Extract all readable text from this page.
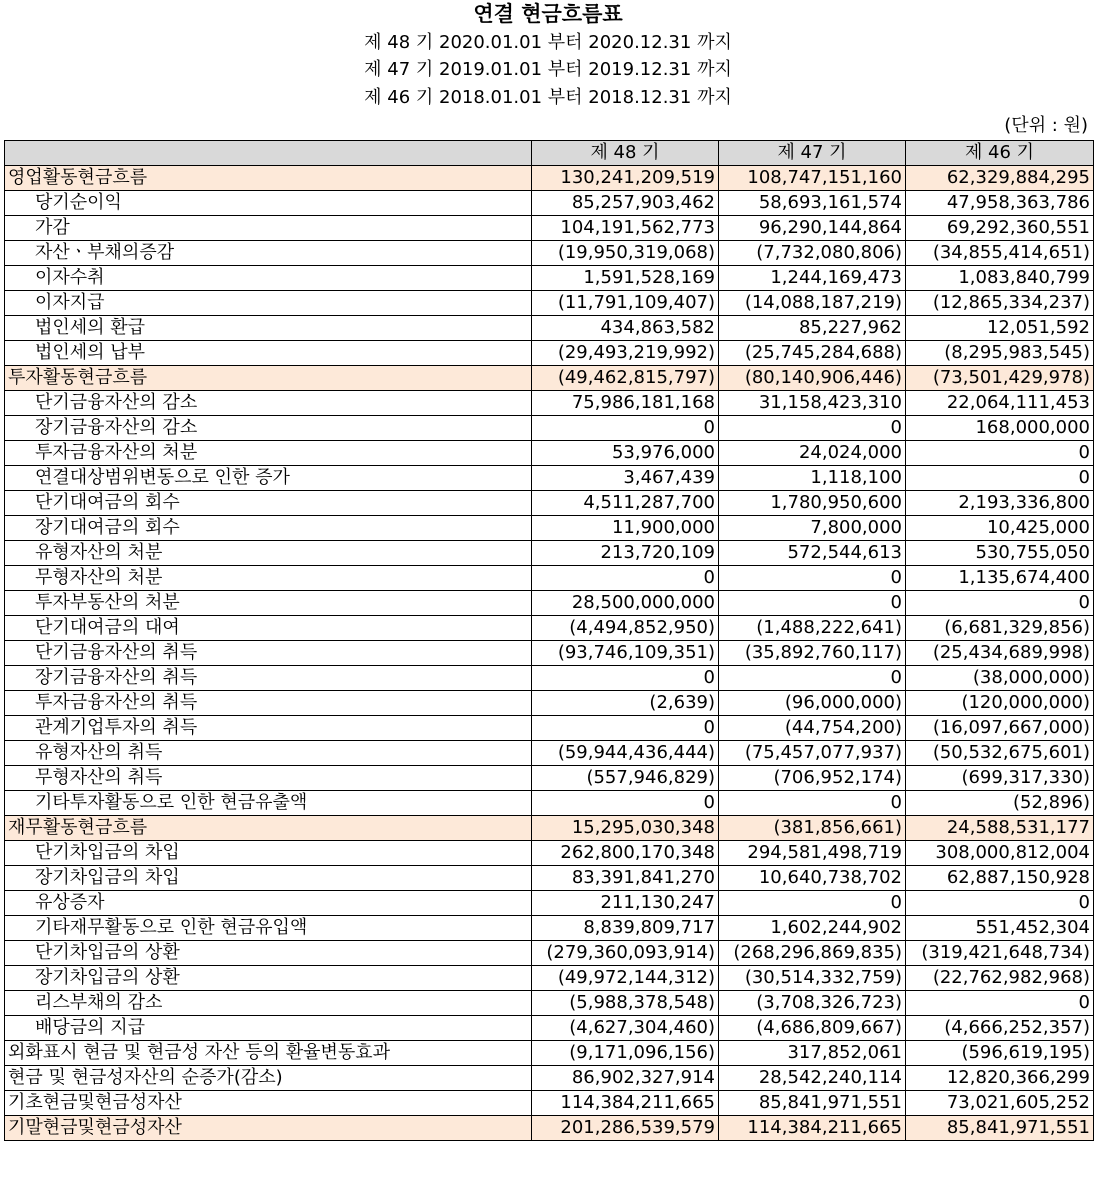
연결 현금흐름표
제 48 기 2020.01.01 부터 2020.12.31 까지
제 47 기 2019.01.01 부터 2019.12.31 까지
제 46 기 2018.01.01 부터 2018.12.31 까지
(단위 : 원)
	제 48 기	제 47 기	제 46 기
영업활동현금흐름	130,241,209,519	108,747,151,160	62,329,884,295
당기순이익	85,257,903,462	58,693,161,574	47,958,363,786
가감	104,191,562,773	96,290,144,864	69,292,360,551
자산ㆍ부채의증감	(19,950,319,068)	(7,732,080,806)	(34,855,414,651)
이자수취	1,591,528,169	1,244,169,473	1,083,840,799
이자지급	(11,791,109,407)	(14,088,187,219)	(12,865,334,237)
법인세의 환급	434,863,582	85,227,962	12,051,592
법인세의 납부	(29,493,219,992)	(25,745,284,688)	(8,295,983,545)
투자활동현금흐름	(49,462,815,797)	(80,140,906,446)	(73,501,429,978)
단기금융자산의 감소	75,986,181,168	31,158,423,310	22,064,111,453
장기금융자산의 감소	0	0	168,000,000
투자금융자산의 처분	53,976,000	24,024,000	0
연결대상범위변동으로 인한 증가	3,467,439	1,118,100	0
단기대여금의 회수	4,511,287,700	1,780,950,600	2,193,336,800
장기대여금의 회수	11,900,000	7,800,000	10,425,000
유형자산의 처분	213,720,109	572,544,613	530,755,050
무형자산의 처분	0	0	1,135,674,400
투자부동산의 처분	28,500,000,000	0	0
단기대여금의 대여	(4,494,852,950)	(1,488,222,641)	(6,681,329,856)
단기금융자산의 취득	(93,746,109,351)	(35,892,760,117)	(25,434,689,998)
장기금융자산의 취득	0	0	(38,000,000)
투자금융자산의 취득	(2,639)	(96,000,000)	(120,000,000)
관계기업투자의 취득	0	(44,754,200)	(16,097,667,000)
유형자산의 취득	(59,944,436,444)	(75,457,077,937)	(50,532,675,601)
무형자산의 취득	(557,946,829)	(706,952,174)	(699,317,330)
기타투자활동으로 인한 현금유출액	0	0	(52,896)
재무활동현금흐름	15,295,030,348	(381,856,661)	24,588,531,177
단기차입금의 차입	262,800,170,348	294,581,498,719	308,000,812,004
장기차입금의 차입	83,391,841,270	10,640,738,702	62,887,150,928
유상증자	211,130,247	0	0
기타재무활동으로 인한 현금유입액	8,839,809,717	1,602,244,902	551,452,304
단기차입금의 상환	(279,360,093,914)	(268,296,869,835)	(319,421,648,734)
장기차입금의 상환	(49,972,144,312)	(30,514,332,759)	(22,762,982,968)
리스부채의 감소	(5,988,378,548)	(3,708,326,723)	0
배당금의 지급	(4,627,304,460)	(4,686,809,667)	(4,666,252,357)
외화표시 현금 및 현금성 자산 등의 환율변동효과	(9,171,096,156)	317,852,061	(596,619,195)
현금 및 현금성자산의 순증가(감소)	86,902,327,914	28,542,240,114	12,820,366,299
기초현금및현금성자산	114,384,211,665	85,841,971,551	73,021,605,252
기말현금및현금성자산	201,286,539,579	114,384,211,665	85,841,971,551
